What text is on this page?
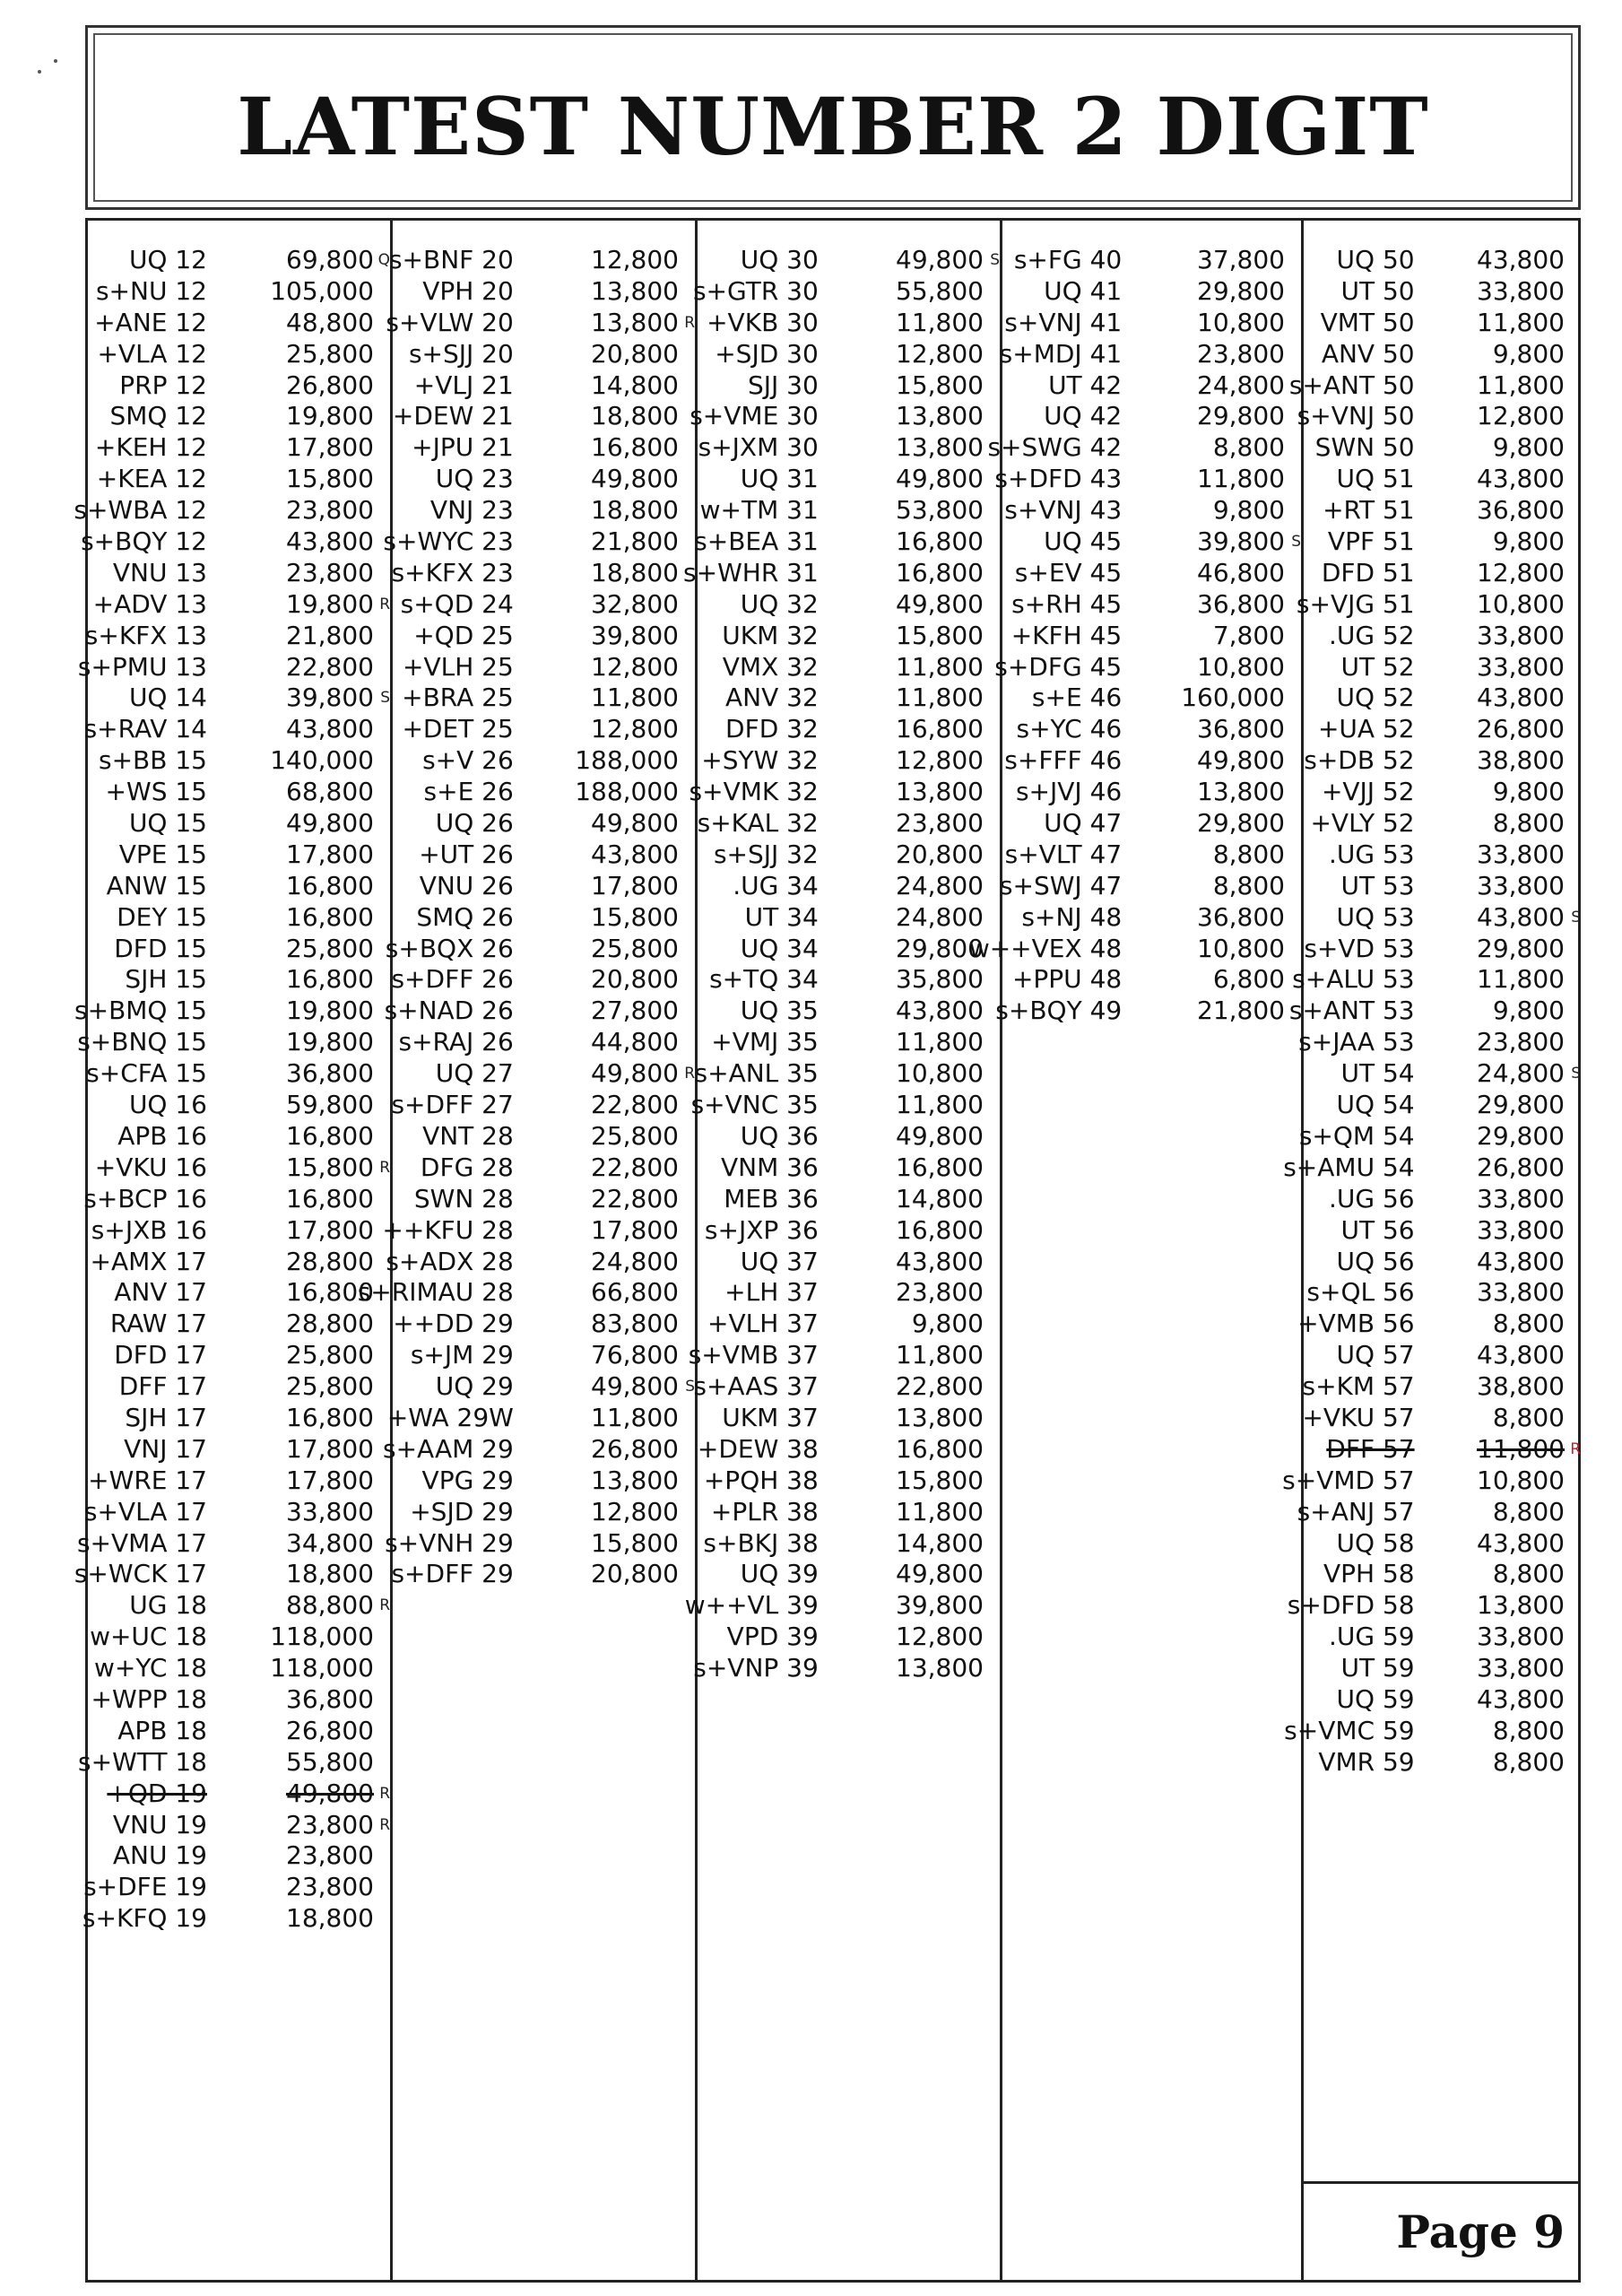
LATEST NUMBER 2 DIGIT
UQ 12	69,800 Q
s+NU 12	105,000
+ANE 12	48,800
+VLA 12	25,800
PRP 12	26,800
SMQ 12	19,800
+KEH 12	17,800
+KEA 12	15,800
s+WBA 12	23,800
s+BQY 12	43,800
VNU 13	23,800
+ADV 13	19,800 R
s+KFX 13	21,800
s+PMU 13	22,800
UQ 14	39,800 S
s+RAV 14	43,800
s+BB 15	140,000
+WS 15	68,800
UQ 15	49,800
VPE 15	17,800
ANW 15	16,800
DEY 15	16,800
DFD 15	25,800
SJH 15	16,800
s+BMQ 15	19,800
s+BNQ 15	19,800
s+CFA 15	36,800
UQ 16	59,800
APB 16	16,800
+VKU 16	15,800 R
s+BCP 16	16,800
s+JXB 16	17,800
+AMX 17	28,800
ANV 17	16,800
RAW 17	28,800
DFD 17	25,800
DFF 17	25,800
SJH 17	16,800
VNJ 17	17,800
+WRE 17	17,800
s+VLA 17	33,800
s+VMA 17	34,800
s+WCK 17	18,800
UG 18	88,800 R
w+UC 18	118,000
w+YC 18	118,000
+WPP 18	36,800
APB 18	26,800
s+WTT 18	55,800
+QD 19	49,800 R
VNU 19	23,800 R
ANU 19	23,800
s+DFE 19	23,800
s+KFQ 19	18,800
s+BNF 20	12,800
VPH 20	13,800
s+VLW 20	13,800 R
s+SJJ 20	20,800
+VLJ 21	14,800
+DEW 21	18,800
+JPU 21	16,800
UQ 23	49,800
VNJ 23	18,800
s+WYC 23	21,800
s+KFX 23	18,800
s+QD 24	32,800
+QD 25	39,800
+VLH 25	12,800
+BRA 25	11,800
+DET 25	12,800
s+V 26 188,000
s+E 26 188,000
UQ 26	49,800
+UT 26	43,800
VNU 26	17,800
SMQ 26	15,800
s+BQX 26	25,800
s+DFF 26	20,800
s+NAD 26	27,800
s+RAJ 26	44,800
UQ 27	49,800 R
s+DFF 27	22,800
VNT 28	25,800
DFG 28	22,800
SWN 28	22,800
++KFU 28	17,800
s+ADX 28	24,800
s+RIMAU 28	66,800
++DD 29	83,800
s+JM 29	76,800
UQ 29	49,800 S
+WA 29W	11,800
s+AAM 29	26,800
VPG 29	13,800
+SJD 29	12,800
s+VNH 29	15,800
s+DFF 29	20,800
UQ 30	49,800 S
s+GTR 30	55,800
+VKB 30	11,800
+SJD 30	12,800
SJJ 30	15,800
s+VME 30	13,800
s+JXM 30	13,800
UQ 31	49,800
w+TM 31	53,800
s+BEA 31	16,800
s+WHR 31	16,800
UQ 32	49,800
UKM 32	15,800
VMX 32	11,800
ANV 32	11,800
DFD 32	16,800
+SYW 32	12,800
s+VMK 32	13,800
s+KAL 32	23,800
s+SJJ 32	20,800
.UG 34	24,800
UT 34	24,800
UQ 34	29,800
s+TQ 34	35,800
UQ 35	43,800
+VMJ 35	11,800
s+ANL 35	10,800
s+VNC 35	11,800
UQ 36	49,800
VNM 36	16,800
MEB 36	14,800
s+JXP 36	16,800
UQ 37	43,800
+LH 37	23,800
+VLH 37	9,800
s+VMB 37	11,800
s+AAS 37	22,800
UKM 37	13,800
+DEW 38	16,800
+PQH 38	15,800
+PLR 38	11,800
s+BKJ 38	14,800
UQ 39	49,800
w++VL 39	39,800
VPD 39	12,800
s+VNP 39	13,800
s+FG 40	37,800
UQ 41	29,800
s+VNJ 41	10,800
s+MDJ 41	23,800
UT 42	24,800
UQ 42	29,800
s+SWG 42	8,800
s+DFD 43	11,800
s+VNJ 43	9,800
UQ 45	39,800 S
s+EV 45	46,800
s+RH 45	36,800
+KFH 45	7,800
s+DFG 45	10,800
s+E 46 160,000
s+YC 46	36,800
s+FFF 46	49,800
s+JVJ 46	13,800
UQ 47	29,800
s+VLT 47	8,800
s+SWJ 47	8,800
s+NJ 48	36,800
w++VEX 48	10,800
+PPU 48	6,800
s+BQY 49	21,800
UQ 50 43,800
UT 50 33,800
VMT 50 11,800
ANV 50	9,800
s+ANT 50 11,800
s+VNJ 50 12,800
SWN 50	9,800
UQ 51 43,800
+RT 51 36,800
VPF 51	9,800
DFD 51 12,800
s+VJG 51 10,800
.UG 52 33,800
UT 52 33,800
UQ 52 43,800
+UA 52 26,800
s+DB 52 38,800
+VJJ 52	9,800
+VLY 52	8,800
.UG 53 33,800
UT 53 33,800
UQ 53 43,800 S
s+VD 53 29,800
s+ALU 53 11,800
s+ANT 53	9,800
s+JAA 53 23,800
UT 54 24,800 S
UQ 54 29,800
s+QM 54 29,800
s+AMU 54 26,800
.UG 56 33,800
UT 56 33,800
UQ 56 43,800
s+QL 56 33,800
+VMB 56	8,800
UQ 57 43,800
s+KM 57 38,800
+VKU 57	8,800
DFF 57 11,800 R
s+VMD 57 10,800
s+ANJ 57	8,800
UQ 58 43,800
VPH 58	8,800
s+DFD 58 13,800
.UG 59 33,800
UT 59 33,800
UQ 59 43,800
s+VMC 59	8,800
VMR 59	8,800
Page 9
